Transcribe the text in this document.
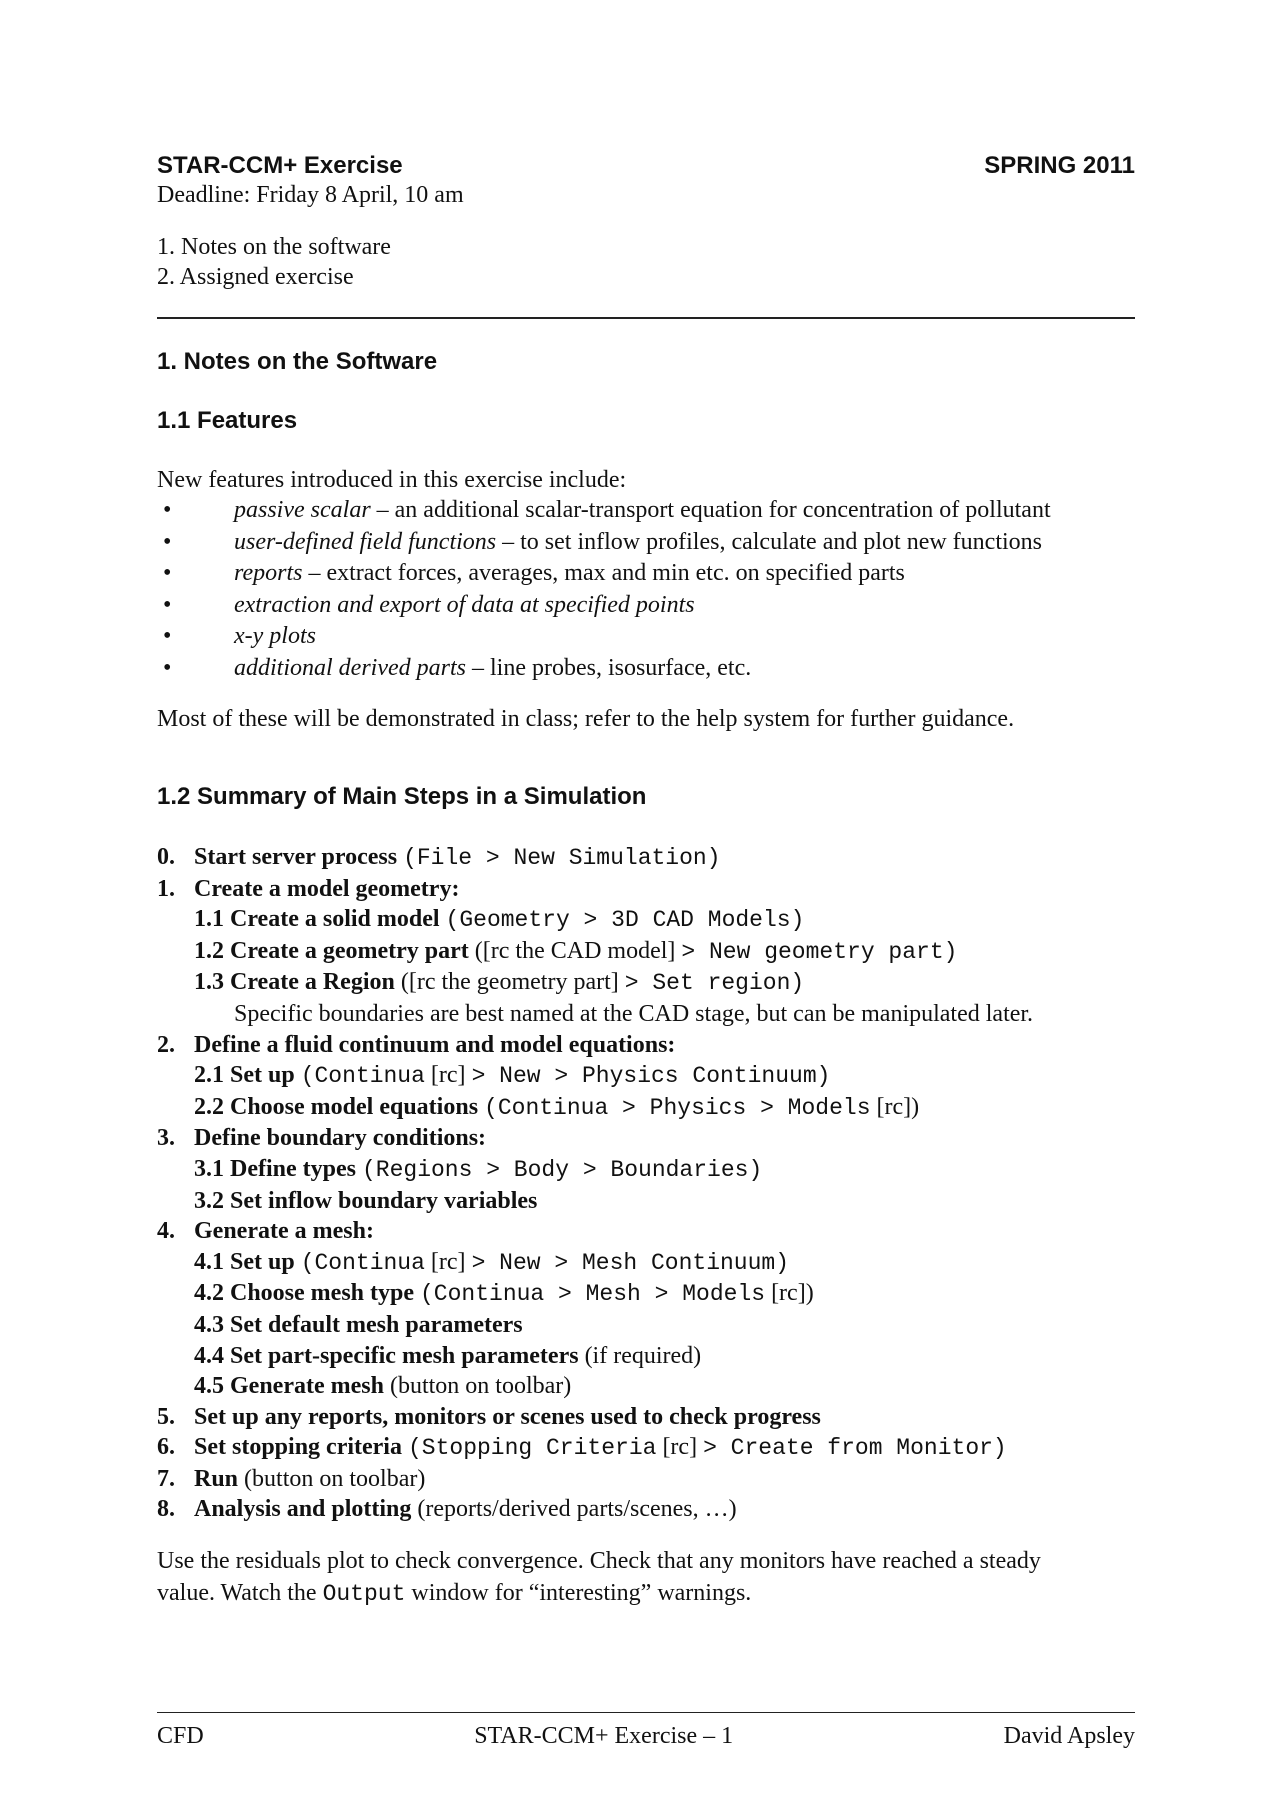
STAR-CCM+ Exercise	SPRING 2011
Deadline: Friday 8 April, 10 am
1. Notes on the software
2. Assigned exercise
1. Notes on the Software
1.1 Features
New features introduced in this exercise include:
•	passive scalar – an additional scalar-transport equation for concentration of pollutant
•	user-defined field functions – to set inflow profiles, calculate and plot new functions
•	reports – extract forces, averages, max and min etc. on specified parts
•	extraction and export of data at specified points
•	x-y plots
•	additional derived parts – line probes, isosurface, etc.
Most of these will be demonstrated in class; refer to the help system for further guidance.
1.2 Summary of Main Steps in a Simulation
0. Start server process (File > New Simulation)
1. Create a model geometry:
1.1 Create a solid model (Geometry > 3D CAD Models)
1.2 Create a geometry part ([rc the CAD model] > New geometry part)
1.3 Create a Region ([rc the geometry part] > Set region)
Specific boundaries are best named at the CAD stage, but can be manipulated later.
2. Define a fluid continuum and model equations:
2.1 Set up (Continua [rc] > New > Physics Continuum)
2.2 Choose model equations (Continua > Physics > Models [rc])
3. Define boundary conditions:
3.1 Define types (Regions > Body > Boundaries)
3.2 Set inflow boundary variables
4. Generate a mesh:
4.1 Set up (Continua [rc] > New > Mesh Continuum)
4.2 Choose mesh type (Continua > Mesh > Models [rc])
4.3 Set default mesh parameters
4.4 Set part-specific mesh parameters (if required)
4.5 Generate mesh (button on toolbar)
5. Set up any reports, monitors or scenes used to check progress
6. Set stopping criteria (Stopping Criteria [rc] > Create from Monitor)
7. Run (button on toolbar)
8. Analysis and plotting (reports/derived parts/scenes, …)
Use the residuals plot to check convergence. Check that any monitors have reached a steady
value. Watch the Output window for “interesting” warnings.
CFD	STAR-CCM+ Exercise – 1	David Apsley
